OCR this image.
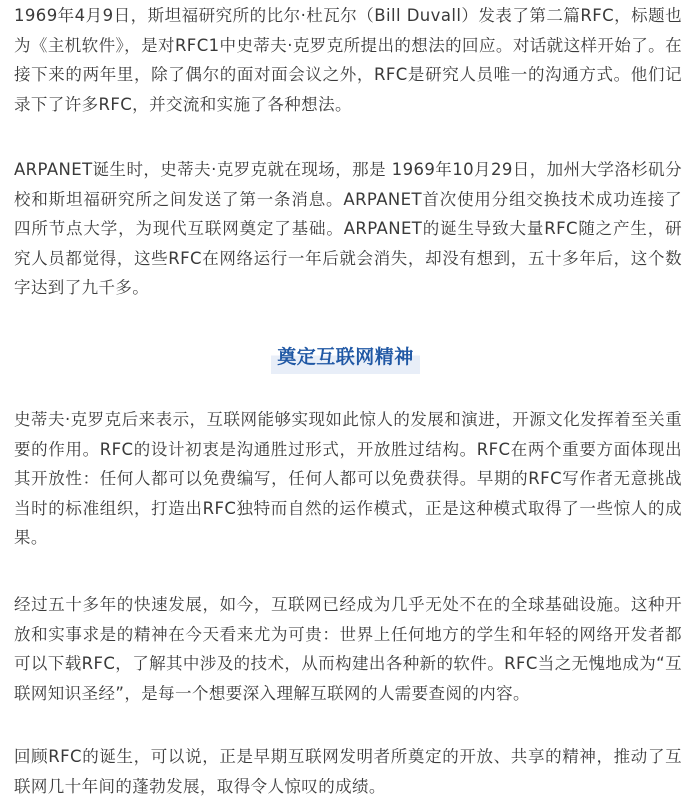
1969年4月9日，斯坦福研究所的比尔·杜瓦尔（Bill Duvall）发表了第二篇RFC，标题也为《主机软件》，是对RFC1中史蒂夫·克罗克所提出的想法的回应。对话就这样开始了。在接下来的两年里，除了偶尔的面对面会议之外，RFC是研究人员唯一的沟通方式。他们记录下了许多RFC，并交流和实施了各种想法。

ARPANET诞生时，史蒂夫·克罗克就在现场，那是 1969年10月29日，加州大学洛杉矶分校和斯坦福研究所之间发送了第一条消息。ARPANET首次使用分组交换技术成功连接了四所节点大学，为现代互联网奠定了基础。ARPANET的诞生导致大量RFC随之产生，研究人员都觉得，这些RFC在网络运行一年后就会消失，却没有想到，五十多年后，这个数字达到了九千多。

奠定互联网精神

史蒂夫·克罗克后来表示，互联网能够实现如此惊人的发展和演进，开源文化发挥着至关重要的作用。RFC的设计初衷是沟通胜过形式，开放胜过结构。RFC在两个重要方面体现出其开放性：任何人都可以免费编写，任何人都可以免费获得。早期的RFC写作者无意挑战当时的标准组织，打造出RFC独特而自然的运作模式，正是这种模式取得了一些惊人的成果。

经过五十多年的快速发展，如今，互联网已经成为几乎无处不在的全球基础设施。这种开放和实事求是的精神在今天看来尤为可贵：世界上任何地方的学生和年轻的网络开发者都可以下载RFC，了解其中涉及的技术，从而构建出各种新的软件。RFC当之无愧地成为“互联网知识圣经”，是每一个想要深入理解互联网的人需要查阅的内容。

回顾RFC的诞生，可以说，正是早期互联网发明者所奠定的开放、共享的精神，推动了互联网几十年间的蓬勃发展，取得令人惊叹的成绩。
